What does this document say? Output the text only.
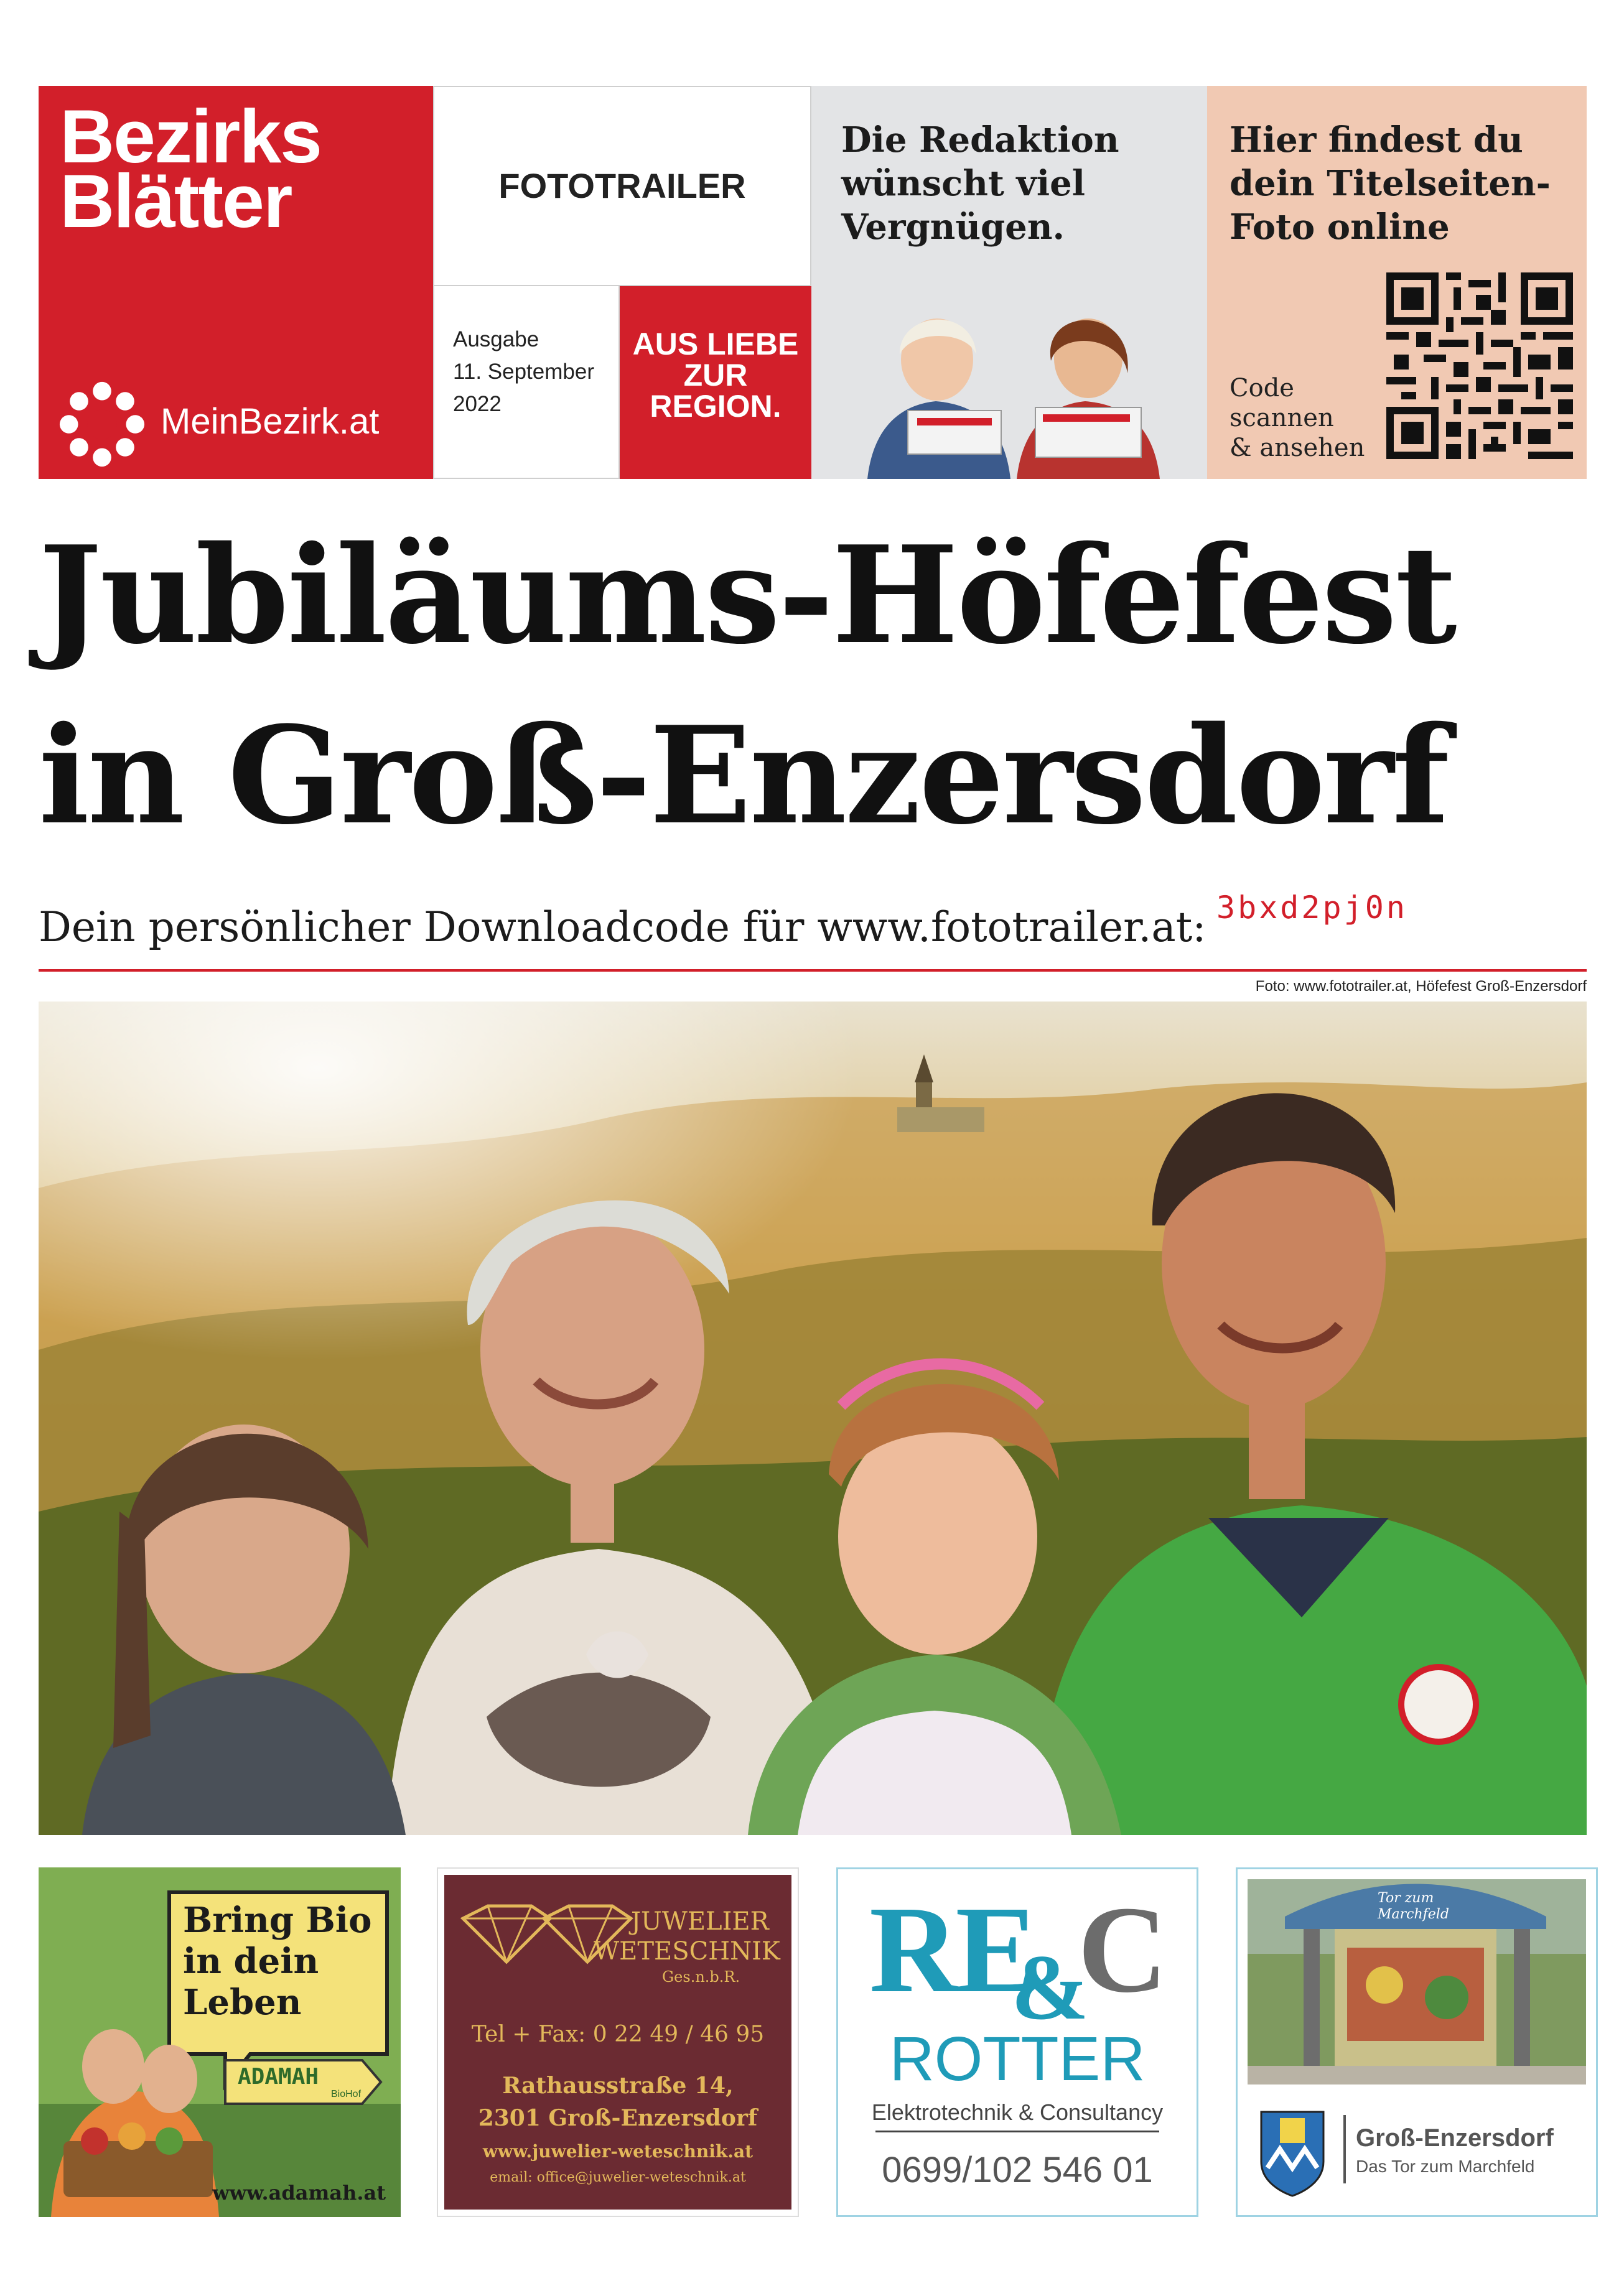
Bezirks
Blätter
MeinBezirk.at
FOTOTRAILER
Ausgabe
11. September
2022
AUS LIEBE
ZUR
REGION.
Die Redaktion
wünscht viel
Vergnügen.
Hier findest du
dein Titelseiten-
Foto online
Code
scannen
& ansehen
Jubiläums-Höfefest
in Groß-Enzersdorf
Dein persönlicher Downloadcode für www.fototrailer.at: 3bxd2pj0n
Foto: www.fototrailer.at, Höfefest Groß-Enzersdorf
Bring Bio
in dein
Leben
ADAMAH
BioHof
www.adamah.at
JUWELIER
WETESCHNIK
Ges.n.b.R.
Tel + Fax: 0 22 49 / 46 95
Rathausstraße 14,
2301 Groß-Enzersdorf
www.juwelier-weteschnik.at
email: office@juwelier-weteschnik.at
RE
&
C
ROTTER
Elektrotechnik & Consultancy
0699/102 546 01
Tor zum
Marchfeld
Groß-Enzersdorf
Das Tor zum Marchfeld
